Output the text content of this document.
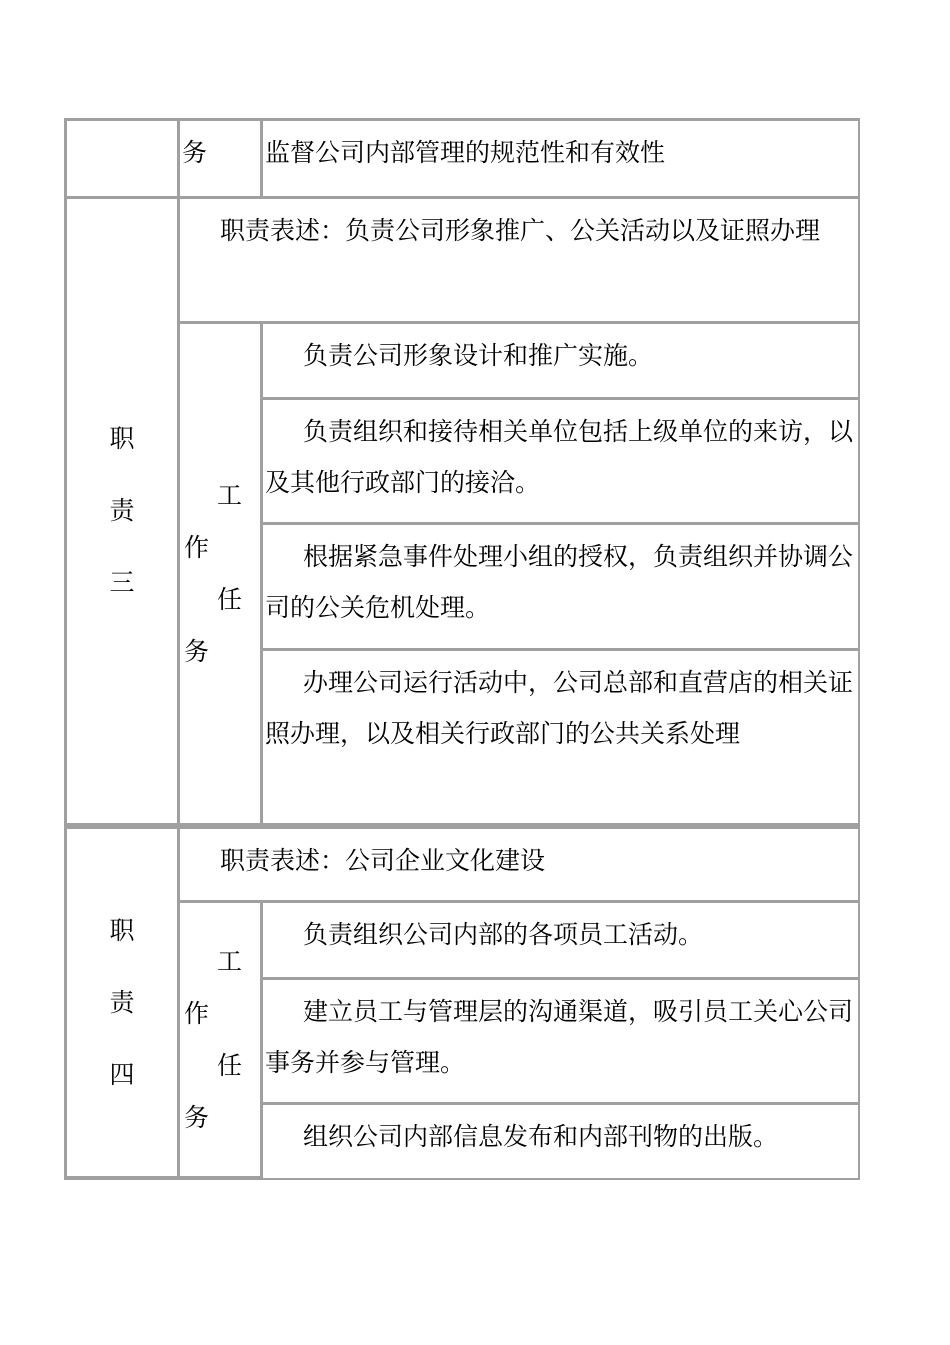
	务	监督公司内部管理的规范性和有效性

职
责
三	职责表述：负责公司形象推广、公关活动以及证照办理	

	工
作
任
务	负责公司形象设计和推广实施。

		负责组织和接待相关单位包括上级单位的来访，以及其他行政部门的接洽。

		根据紧急事件处理小组的授权，负责组织并协调公司的公关危机处理。

		办理公司运行活动中，公司总部和直营店的相关证照办理，以及相关行政部门的公共关系处理

职
责
四	职责表述：公司企业文化建设	

	工
作
任
务	负责组织公司内部的各项员工活动。

		建立员工与管理层的沟通渠道，吸引员工关心公司事务并参与管理。

		组织公司内部信息发布和内部刊物的出版。
